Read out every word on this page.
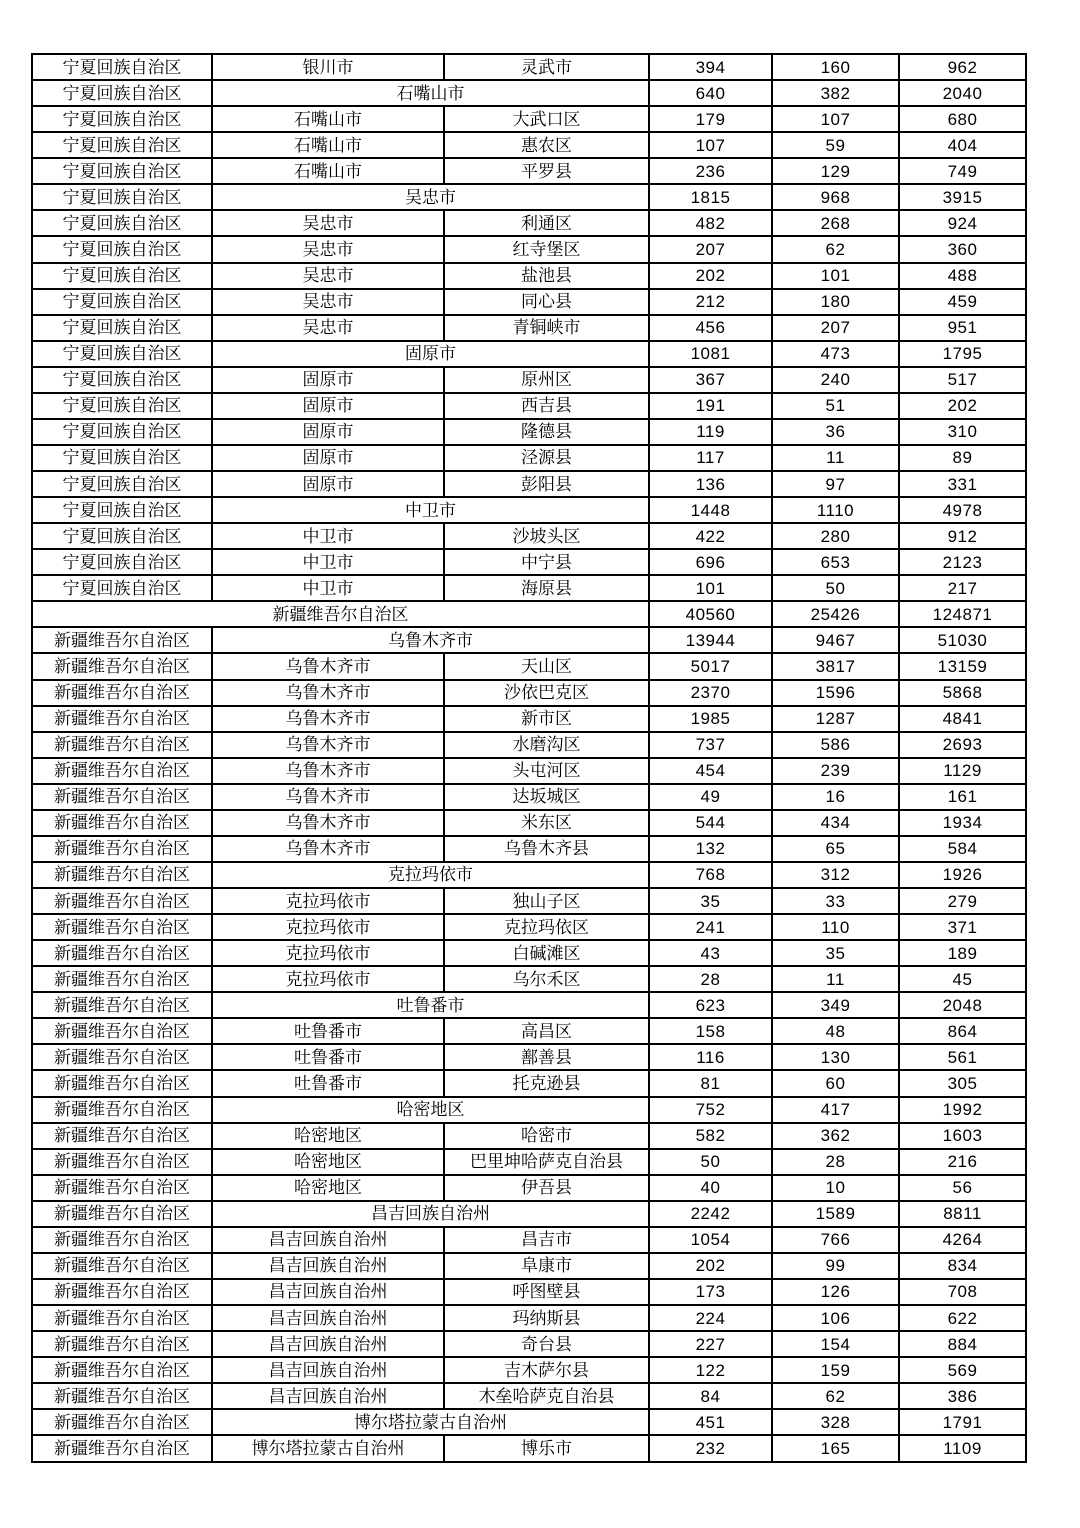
宁夏回族自治区	银川市	灵武市	394	160	962
宁夏回族自治区	石嘴山市		640	382	2040
宁夏回族自治区	石嘴山市	大武口区	179	107	680
宁夏回族自治区	石嘴山市	惠农区	107	59	404
宁夏回族自治区	石嘴山市	平罗县	236	129	749
宁夏回族自治区	吴忠市		1815	968	3915
宁夏回族自治区	吴忠市	利通区	482	268	924
宁夏回族自治区	吴忠市	红寺堡区	207	62	360
宁夏回族自治区	吴忠市	盐池县	202	101	488
宁夏回族自治区	吴忠市	同心县	212	180	459
宁夏回族自治区	吴忠市	青铜峡市	456	207	951
宁夏回族自治区	固原市		1081	473	1795
宁夏回族自治区	固原市	原州区	367	240	517
宁夏回族自治区	固原市	西吉县	191	51	202
宁夏回族自治区	固原市	隆德县	119	36	310
宁夏回族自治区	固原市	泾源县	117	11	89
宁夏回族自治区	固原市	彭阳县	136	97	331
宁夏回族自治区	中卫市		1448	1110	4978
宁夏回族自治区	中卫市	沙坡头区	422	280	912
宁夏回族自治区	中卫市	中宁县	696	653	2123
宁夏回族自治区	中卫市	海原县	101	50	217
新疆维吾尔自治区			40560	25426	124871
新疆维吾尔自治区	乌鲁木齐市		13944	9467	51030
新疆维吾尔自治区	乌鲁木齐市	天山区	5017	3817	13159
新疆维吾尔自治区	乌鲁木齐市	沙依巴克区	2370	1596	5868
新疆维吾尔自治区	乌鲁木齐市	新市区	1985	1287	4841
新疆维吾尔自治区	乌鲁木齐市	水磨沟区	737	586	2693
新疆维吾尔自治区	乌鲁木齐市	头屯河区	454	239	1129
新疆维吾尔自治区	乌鲁木齐市	达坂城区	49	16	161
新疆维吾尔自治区	乌鲁木齐市	米东区	544	434	1934
新疆维吾尔自治区	乌鲁木齐市	乌鲁木齐县	132	65	584
新疆维吾尔自治区	克拉玛依市		768	312	1926
新疆维吾尔自治区	克拉玛依市	独山子区	35	33	279
新疆维吾尔自治区	克拉玛依市	克拉玛依区	241	110	371
新疆维吾尔自治区	克拉玛依市	白碱滩区	43	35	189
新疆维吾尔自治区	克拉玛依市	乌尔禾区	28	11	45
新疆维吾尔自治区	吐鲁番市		623	349	2048
新疆维吾尔自治区	吐鲁番市	高昌区	158	48	864
新疆维吾尔自治区	吐鲁番市	鄯善县	116	130	561
新疆维吾尔自治区	吐鲁番市	托克逊县	81	60	305
新疆维吾尔自治区	哈密地区		752	417	1992
新疆维吾尔自治区	哈密地区	哈密市	582	362	1603
新疆维吾尔自治区	哈密地区	巴里坤哈萨克自治县	50	28	216
新疆维吾尔自治区	哈密地区	伊吾县	40	10	56
新疆维吾尔自治区	昌吉回族自治州		2242	1589	8811
新疆维吾尔自治区	昌吉回族自治州	昌吉市	1054	766	4264
新疆维吾尔自治区	昌吉回族自治州	阜康市	202	99	834
新疆维吾尔自治区	昌吉回族自治州	呼图壁县	173	126	708
新疆维吾尔自治区	昌吉回族自治州	玛纳斯县	224	106	622
新疆维吾尔自治区	昌吉回族自治州	奇台县	227	154	884
新疆维吾尔自治区	昌吉回族自治州	吉木萨尔县	122	159	569
新疆维吾尔自治区	昌吉回族自治州	木垒哈萨克自治县	84	62	386
新疆维吾尔自治区	博尔塔拉蒙古自治州		451	328	1791
新疆维吾尔自治区	博尔塔拉蒙古自治州	博乐市	232	165	1109
